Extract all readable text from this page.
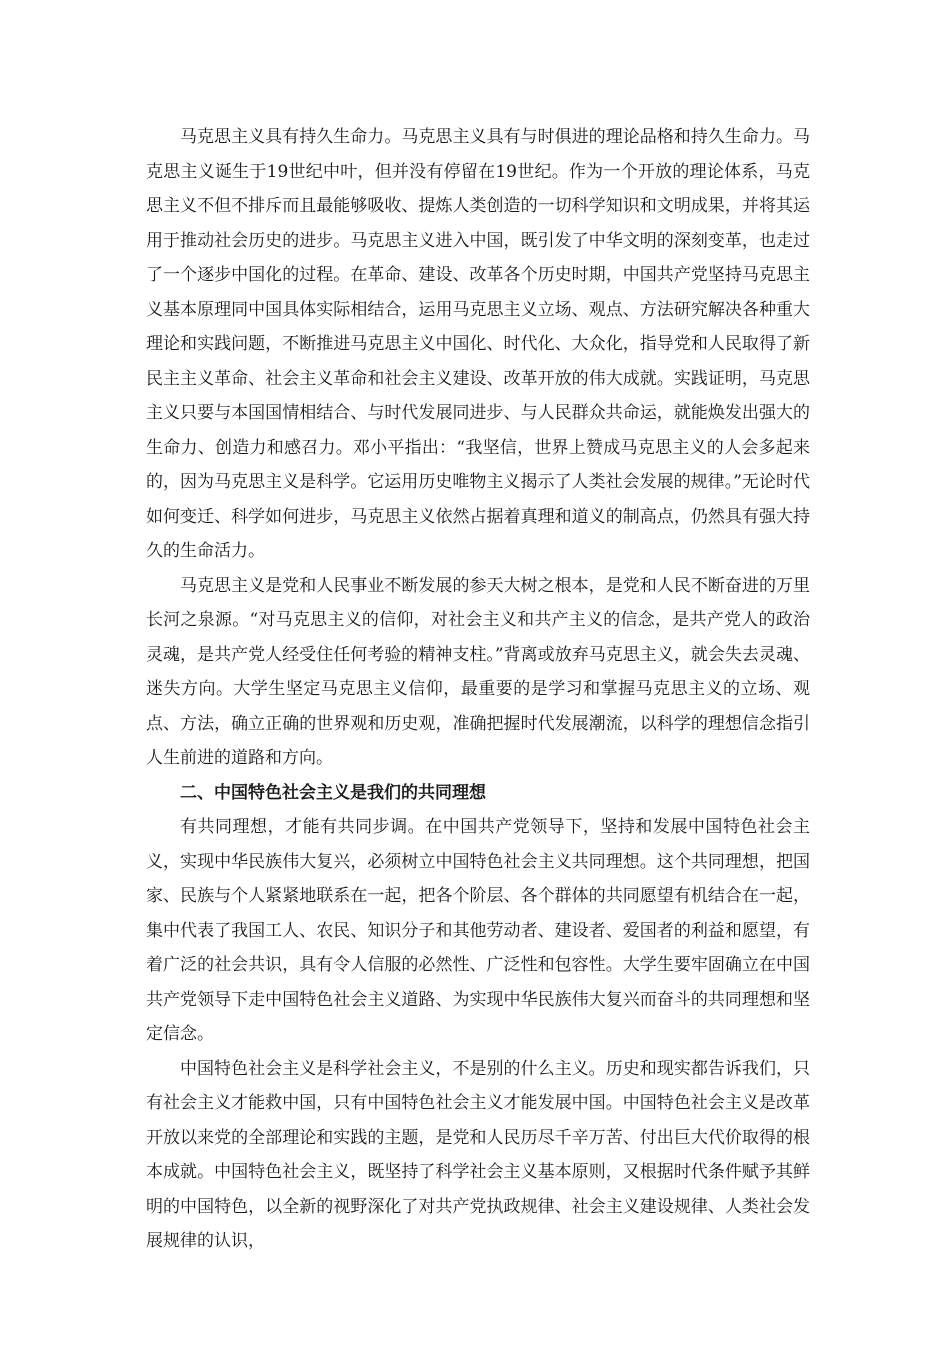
马克思主义具有持久生命力。马克思主义具有与时俱进的理论品格和持久生命力。马克思主义诞生于19世纪中叶，但并没有停留在19世纪。作为一个开放的理论体系，马克思主义不但不排斥而且最能够吸收、提炼人类创造的一切科学知识和文明成果，并将其运用于推动社会历史的进步。马克思主义进入中国，既引发了中华文明的深刻变革，也走过了一个逐步中国化的过程。在革命、建设、改革各个历史时期，中国共产党坚持马克思主义基本原理同中国具体实际相结合，运用马克思主义立场、观点、方法研究解决各种重大理论和实践问题，不断推进马克思主义中国化、时代化、大众化，指导党和人民取得了新民主主义革命、社会主义革命和社会主义建设、改革开放的伟大成就。实践证明，马克思主义只要与本国国情相结合、与时代发展同进步、与人民群众共命运，就能焕发出强大的生命力、创造力和感召力。邓小平指出：“我坚信，世界上赞成马克思主义的人会多起来的，因为马克思主义是科学。它运用历史唯物主义揭示了人类社会发展的规律。”无论时代如何变迁、科学如何进步，马克思主义依然占据着真理和道义的制高点，仍然具有强大持久的生命活力。

马克思主义是党和人民事业不断发展的参天大树之根本，是党和人民不断奋进的万里长河之泉源。“对马克思主义的信仰，对社会主义和共产主义的信念，是共产党人的政治灵魂，是共产党人经受住任何考验的精神支柱。”背离或放弃马克思主义，就会失去灵魂、迷失方向。大学生坚定马克思主义信仰，最重要的是学习和掌握马克思主义的立场、观点、方法，确立正确的世界观和历史观，准确把握时代发展潮流，以科学的理想信念指引人生前进的道路和方向。

二、中国特色社会主义是我们的共同理想

有共同理想，才能有共同步调。在中国共产党领导下，坚持和发展中国特色社会主义，实现中华民族伟大复兴，必须树立中国特色社会主义共同理想。这个共同理想，把国家、民族与个人紧紧地联系在一起，把各个阶层、各个群体的共同愿望有机结合在一起，集中代表了我国工人、农民、知识分子和其他劳动者、建设者、爱国者的利益和愿望，有着广泛的社会共识，具有令人信服的必然性、广泛性和包容性。大学生要牢固确立在中国共产党领导下走中国特色社会主义道路、为实现中华民族伟大复兴而奋斗的共同理想和坚定信念。

中国特色社会主义是科学社会主义，不是别的什么主义。历史和现实都告诉我们，只有社会主义才能救中国，只有中国特色社会主义才能发展中国。中国特色社会主义是改革开放以来党的全部理论和实践的主题，是党和人民历尽千辛万苦、付出巨大代价取得的根本成就。中国特色社会主义，既坚持了科学社会主义基本原则，又根据时代条件赋予其鲜明的中国特色，以全新的视野深化了对共产党执政规律、社会主义建设规律、人类社会发展规律的认识，
